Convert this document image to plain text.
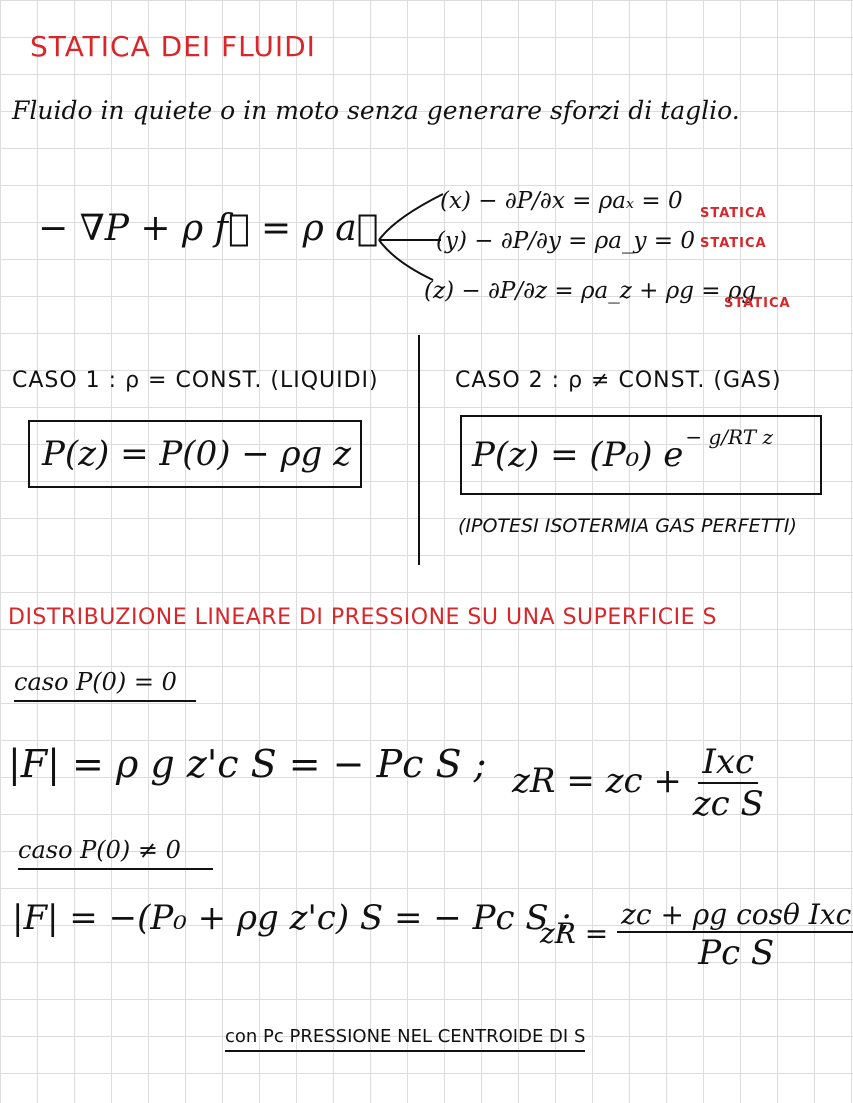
STATICA DEI FLUIDI
Fluido in quiete o in moto senza generare sforzi di taglio.
− ∇P + ρ f⃗ = ρ a⃗
(x) − ∂P/∂x = ρaₓ = 0 STATICA
(y) − ∂P/∂y = ρa_y = 0 STATICA
(z) − ∂P/∂z = ρa_z + ρg = ρg
STATICA
CASO 1 : ρ = CONST. (LIQUIDI)
P(z) = P(0) − ρg z
CASO 2 : ρ ≠ CONST. (GAS)
P(z) = (P₀) $e^{- g/RT z}$
(IPOTESI ISOTERMIA GAS PERFETTI)
DISTRIBUZIONE LINEARE DI PRESSIONE SU UNA SUPERFICIE S
caso P(0) = 0
|F| = ρ g z'c S = − Pc S ; zR = zc + $\frac{\text{Ixc}}{\text{zc S}}$
caso P(0) ≠ 0
|F| = −(P₀ + ρg z'c) S = − Pc S ;
zR = $\frac{\text{zc + ρg cosθ Ixc}}{\text{Pc S}}$
con Pc PRESSIONE NEL CENTROIDE DI S
